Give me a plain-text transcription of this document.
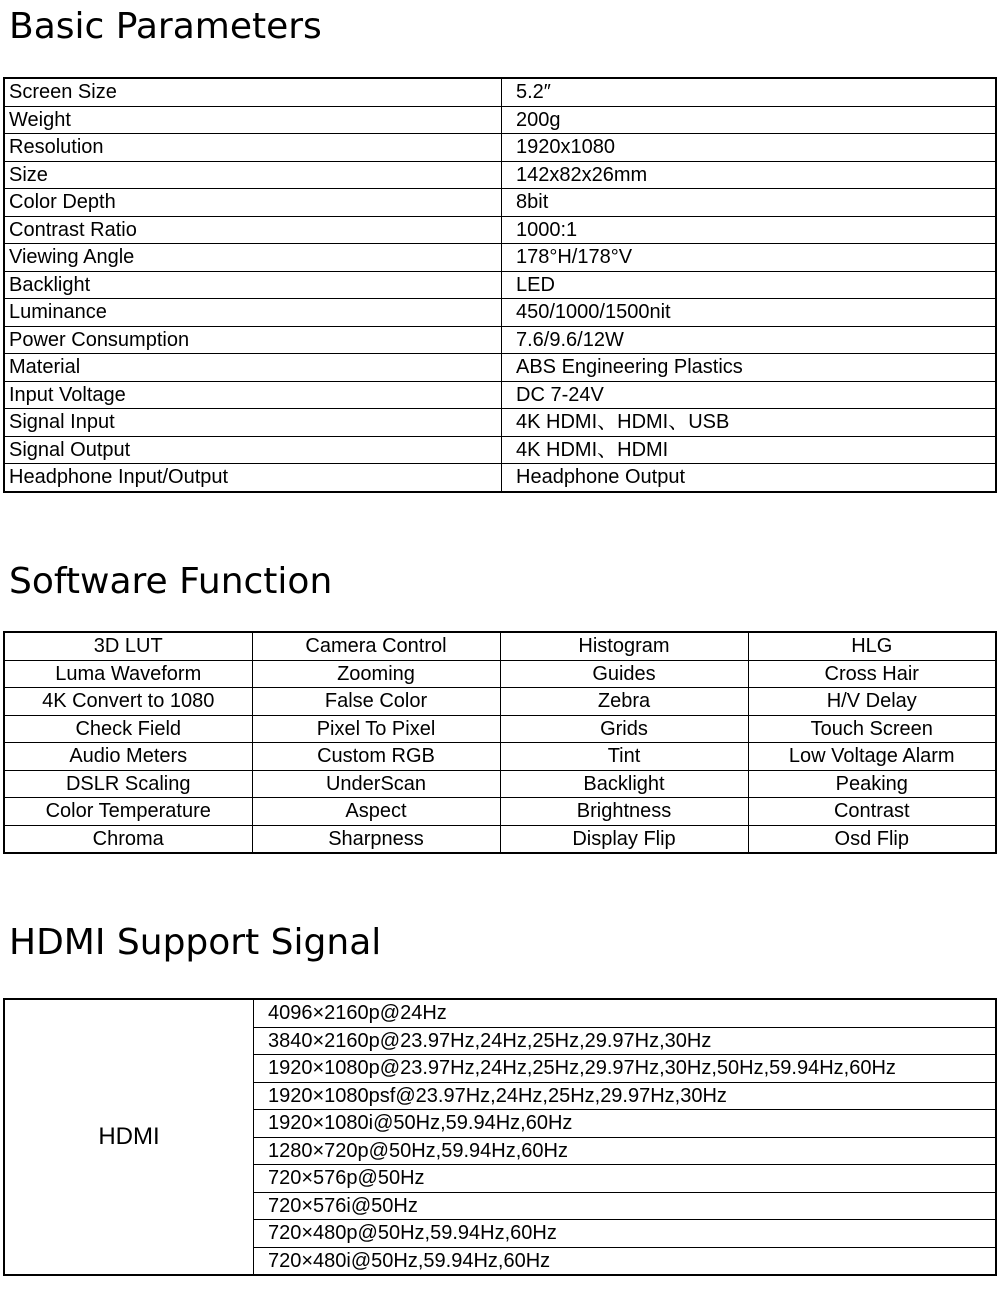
Basic Parameters
Screen Size	5.2″
Weight	200g
Resolution	1920x1080
Size	142x82x26mm
Color Depth	8bit
Contrast Ratio	1000:1
Viewing Angle	178°H/178°V
Backlight	LED
Luminance	450/1000/1500nit
Power Consumption	7.6/9.6/12W
Material	ABS Engineering Plastics
Input Voltage	DC 7-24V
Signal Input	4K HDMI、HDMI、USB
Signal Output	4K HDMI、HDMI
Headphone Input/Output	Headphone Output
Software Function
3D LUT	Camera Control	Histogram	HLG
Luma Waveform	Zooming	Guides	Cross Hair
4K Convert to 1080	False Color	Zebra	H/V Delay
Check Field	Pixel To Pixel	Grids	Touch Screen
Audio Meters	Custom RGB	Tint	Low Voltage Alarm
DSLR Scaling	UnderScan	Backlight	Peaking
Color Temperature	Aspect	Brightness	Contrast
Chroma	Sharpness	Display Flip	Osd Flip
HDMI Support Signal
HDMI	4096×2160p@24Hz
3840×2160p@23.97Hz,24Hz,25Hz,29.97Hz,30Hz
1920×1080p@23.97Hz,24Hz,25Hz,29.97Hz,30Hz,50Hz,59.94Hz,60Hz
1920×1080psf@23.97Hz,24Hz,25Hz,29.97Hz,30Hz
1920×1080i@50Hz,59.94Hz,60Hz
1280×720p@50Hz,59.94Hz,60Hz
720×576p@50Hz
720×576i@50Hz
720×480p@50Hz,59.94Hz,60Hz
720×480i@50Hz,59.94Hz,60Hz
